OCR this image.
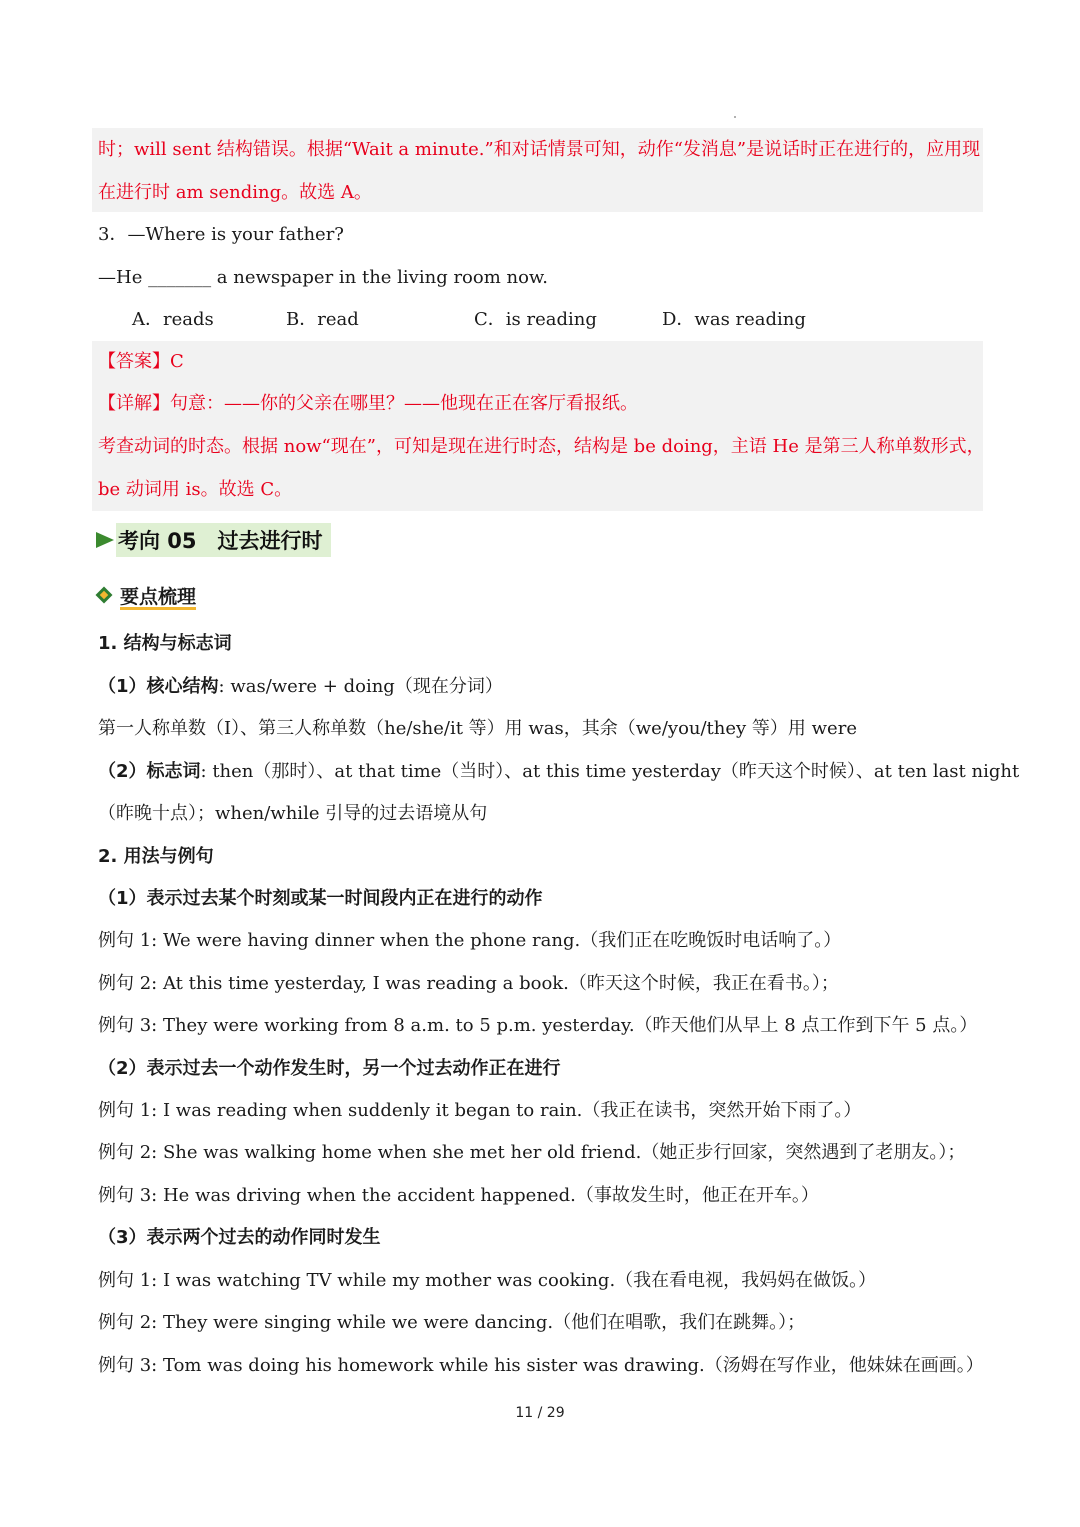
时；will sent 结构错误。根据“Wait a minute.”和对话情景可知，动作“发消息”是说话时正在进行的，应用现
在进行时 am sending。故选 A。
3．—Where is your father?
—He _______ a newspaper in the living room now.
A．reads	B．read	C．is reading	D．was reading
【答案】C
【详解】句意：——你的父亲在哪里？——他现在正在客厅看报纸。
考查动词的时态。根据 now“现在”，可知是现在进行时态，结构是 be doing，主语 He 是第三人称单数形式，
be 动词用 is。故选 C。
考向 05　过去进行时
要点梳理
1. 结构与标志词
（1）核心结构: was/were + doing（现在分词）
第一人称单数（I）、第三人称单数（he/she/it 等）用 was，其余（we/you/they 等）用 were
（2）标志词: then（那时）、at that time（当时）、at this time yesterday（昨天这个时候）、at ten last night
（昨晚十点）；when/while 引导的过去语境从句
2. 用法与例句
（1）表示过去某个时刻或某一时间段内正在进行的动作
例句 1: We were having dinner when the phone rang.（我们正在吃晚饭时电话响了。）
例句 2: At this time yesterday, I was reading a book.（昨天这个时候，我正在看书。）；
例句 3: They were working from 8 a.m. to 5 p.m. yesterday.（昨天他们从早上 8 点工作到下午 5 点。）
（2）表示过去一个动作发生时，另一个过去动作正在进行
例句 1: I was reading when suddenly it began to rain.（我正在读书，突然开始下雨了。）
例句 2: She was walking home when she met her old friend.（她正步行回家，突然遇到了老朋友。）；
例句 3: He was driving when the accident happened.（事故发生时，他正在开车。）
（3）表示两个过去的动作同时发生
例句 1: I was watching TV while my mother was cooking.（我在看电视，我妈妈在做饭。）
例句 2: They were singing while we were dancing.（他们在唱歌，我们在跳舞。）；
例句 3: Tom was doing his homework while his sister was drawing.（汤姆在写作业，他妹妹在画画。）
11 / 29
